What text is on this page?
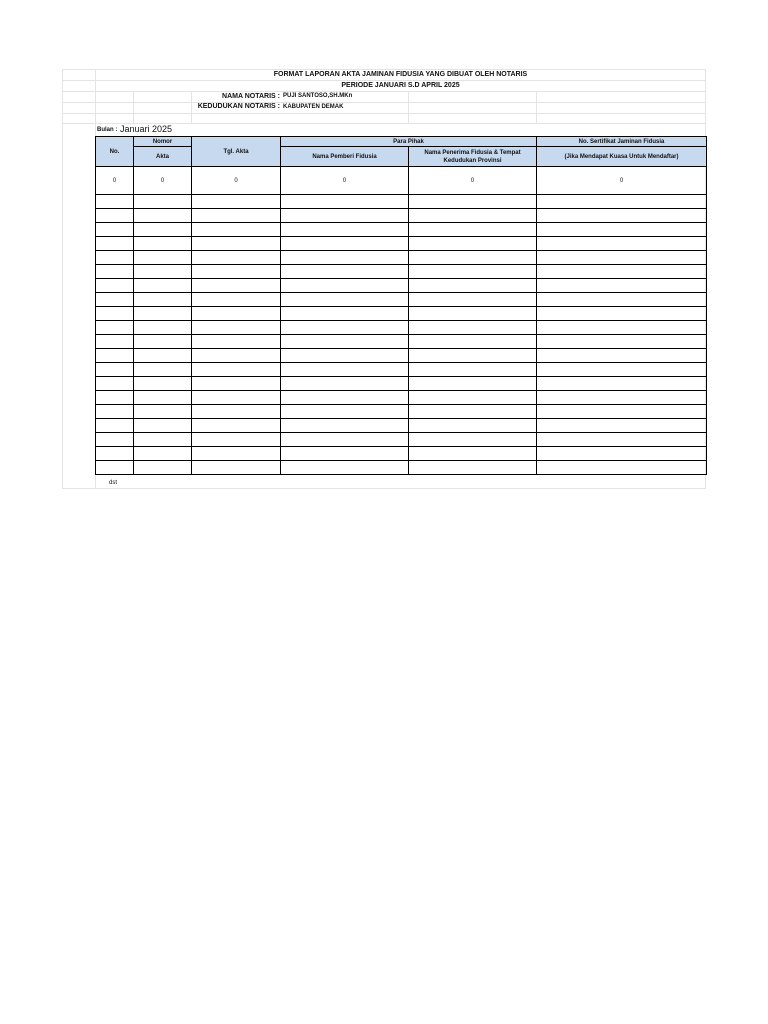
FORMAT LAPORAN AKTA JAMINAN FIDUSIA YANG DIBUAT OLEH NOTARIS
PERIODE JANUARI S.D APRIL 2025
NAMA NOTARIS : PUJI SANTOSO,SH.MKn
KEDUDUKAN NOTARIS : KABUPATEN DEMAK
Bulan : Januari 2025
No.	Nomor	Tgl. Akta	Para Pihak		No. Sertifikat Jaminan Fidusia
	Akta		Nama Pemberi Fidusia	Nama Penerima Fidusia & Tempat Kedudukan Provinsi	(Jika Mendapat Kuasa Untuk Mendaftar)
0	0	0	0	0	0

dst
